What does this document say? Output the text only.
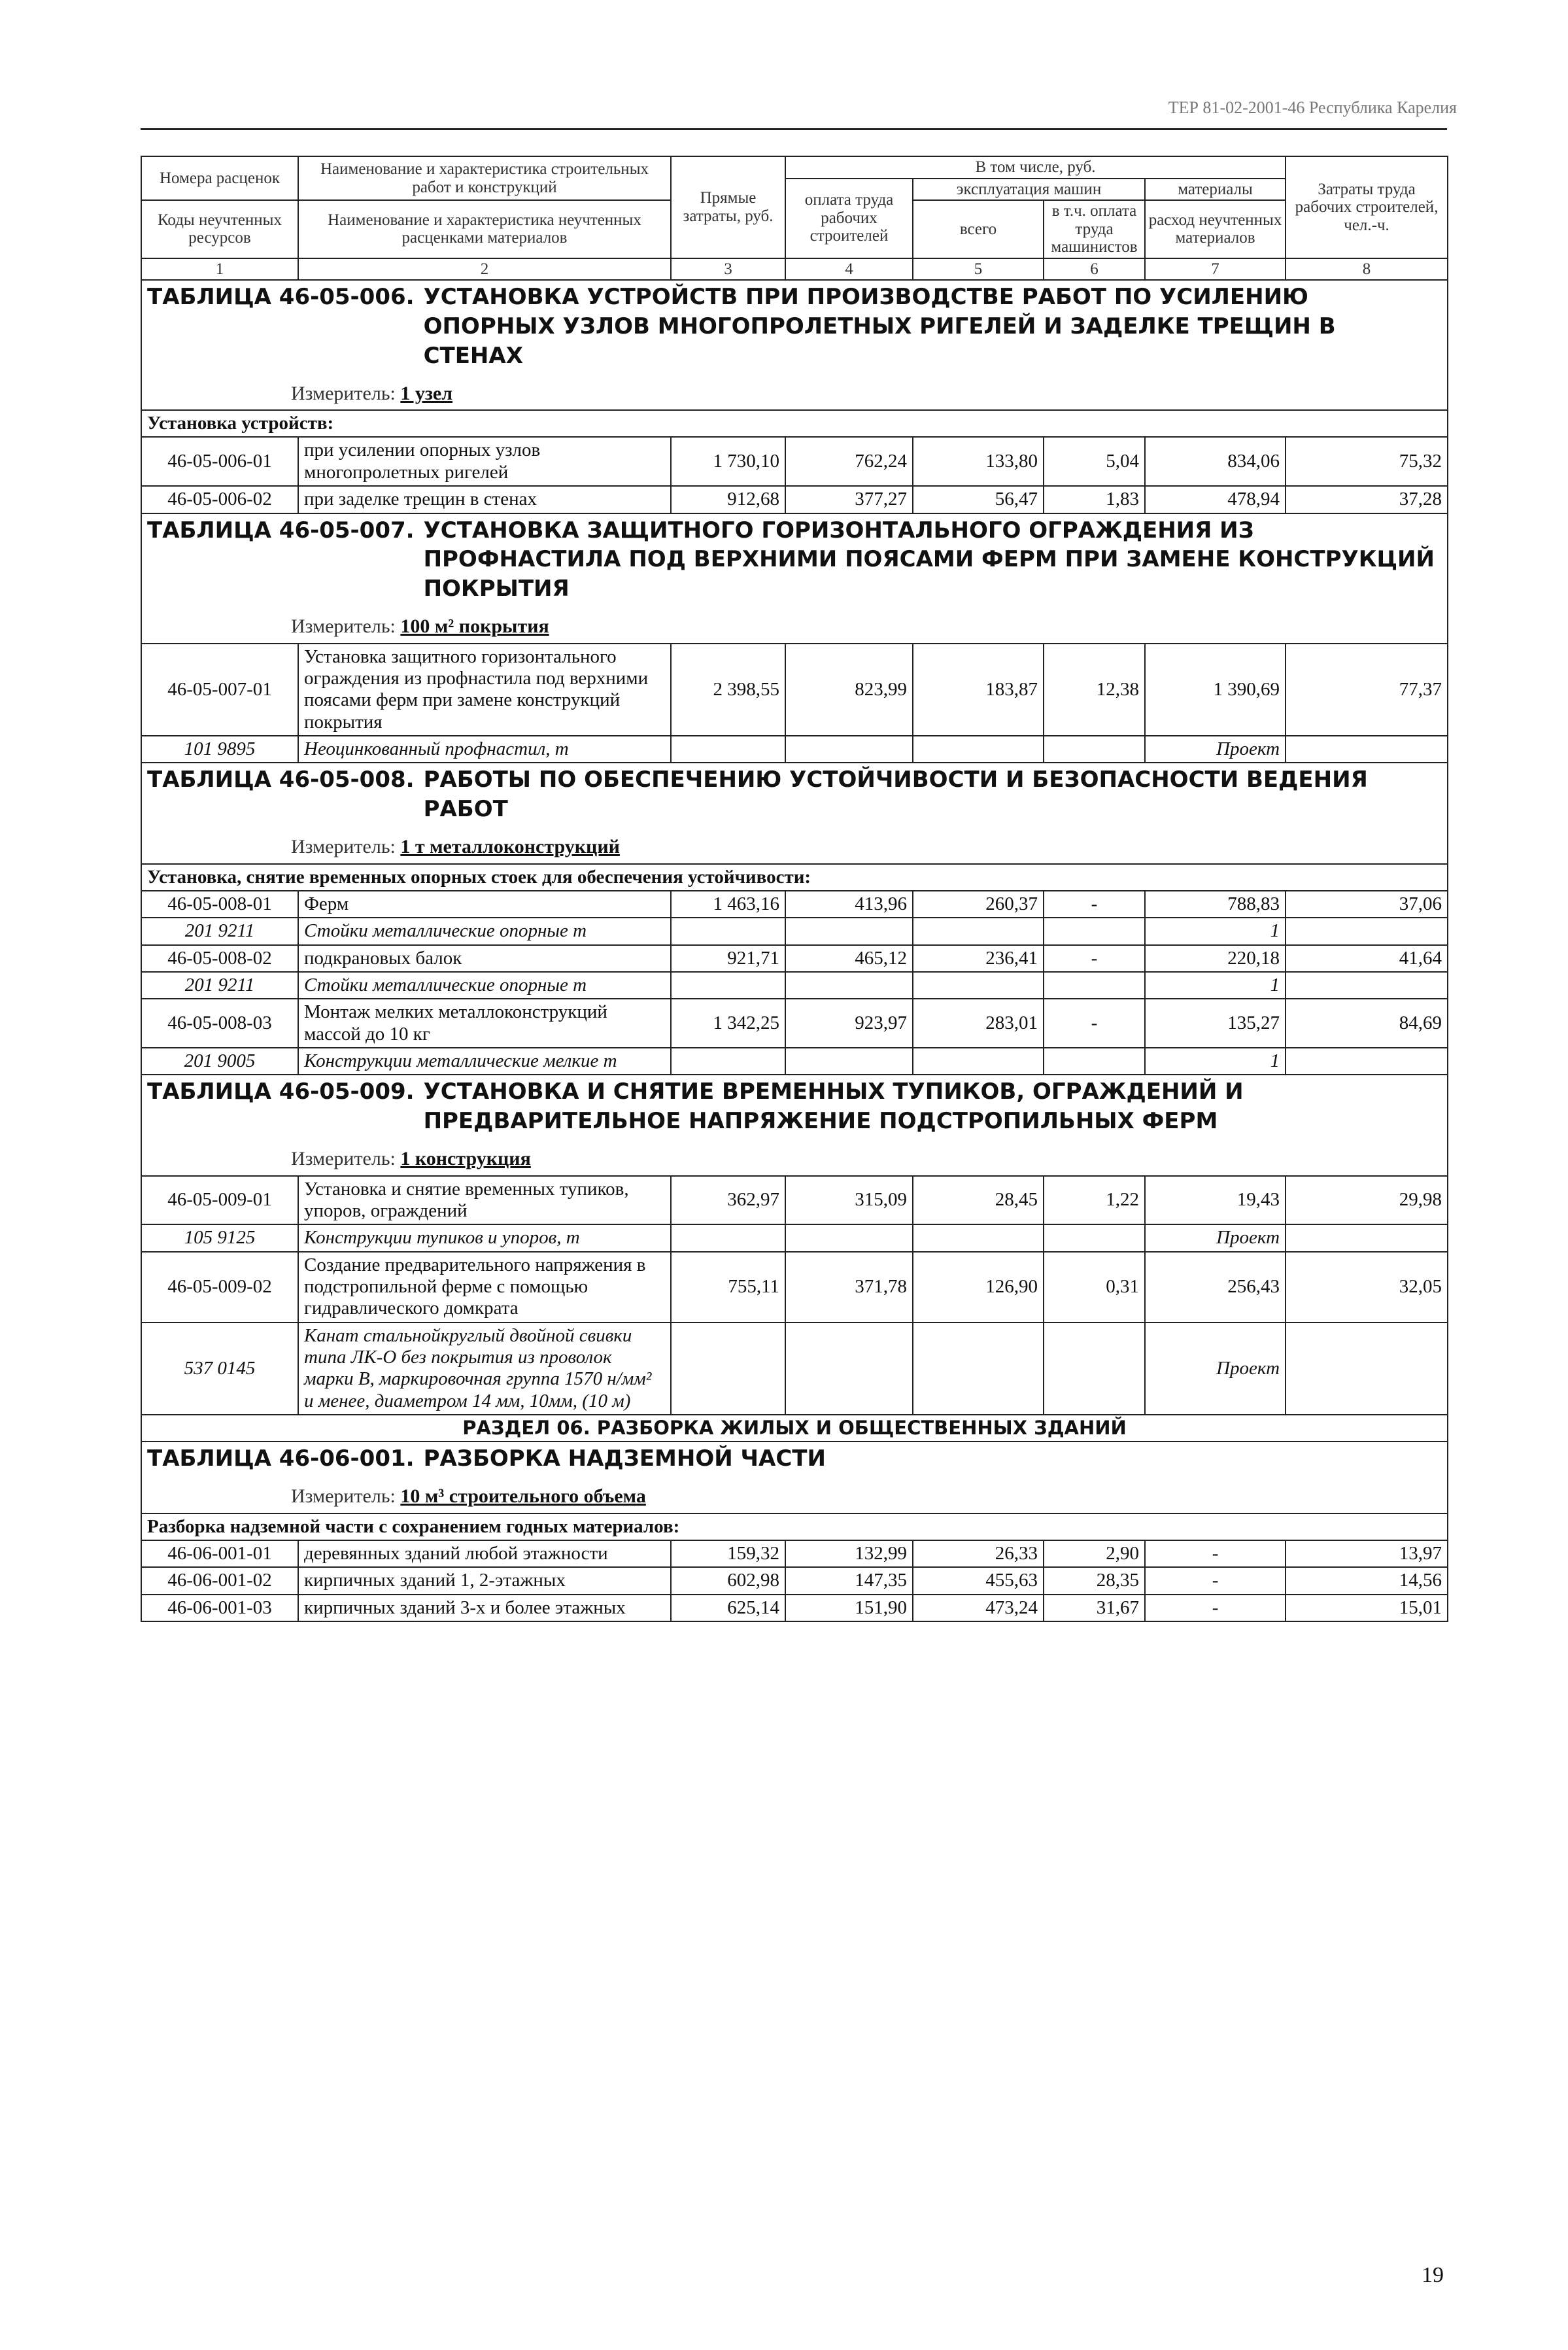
ТЕР 81-02-2001-46 Республика Карелия
Номера расценок	Наименование и характеристика строительных работ и конструкций	Прямые затраты, руб.	В том числе, руб.				Затраты труда рабочих строителей, чел.-ч.
			оплата труда рабочих строителей	эксплуатация машин		материалы	
Коды неучтенных ресурсов	Наименование и характеристика неучтенных расценками материалов			всего	в т.ч. оплата труда машинистов	расход неучтенных материалов	

1	2	3	4	5	6	7	8

ТАБЛИЦА 46-05-006. УСТАНОВКА УСТРОЙСТВ ПРИ ПРОИЗВОДСТВЕ РАБОТ ПО УСИЛЕНИЮ ОПОРНЫХ УЗЛОВ МНОГОПРОЛЕТНЫХ РИГЕЛЕЙ И ЗАДЕЛКЕ ТРЕЩИН В СТЕНАХ
Измеритель: 1 узел							

Установка устройств:							
46-05-006-01	при усилении опорных узлов многопролетных ригелей	1 730,10	762,24	133,80	5,04	834,06	75,32
46-05-006-02	при заделке трещин в стенах	912,68	377,27	56,47	1,83	478,94	37,28

ТАБЛИЦА 46-05-007. УСТАНОВКА ЗАЩИТНОГО ГОРИЗОНТАЛЬНОГО ОГРАЖДЕНИЯ ИЗ ПРОФНАСТИЛА ПОД ВЕРХНИМИ ПОЯСАМИ ФЕРМ ПРИ ЗАМЕНЕ КОНСТРУКЦИЙ ПОКРЫТИЯ
Измеритель: 100 м² покрытия							

46-05-007-01	Установка защитного горизонтального ограждения из профнастила под верхними поясами ферм при замене конструкций покрытия	2 398,55	823,99	183,87	12,38	1 390,69	77,37
101 9895	Неоцинкованный профнастил, т					Проект	

ТАБЛИЦА 46-05-008. РАБОТЫ ПО ОБЕСПЕЧЕНИЮ УСТОЙЧИВОСТИ И БЕЗОПАСНОСТИ ВЕДЕНИЯ РАБОТ
Измеритель: 1 т металлоконструкций							

Установка, снятие временных опорных стоек для обеспечения устойчивости:							
46-05-008-01	Ферм	1 463,16	413,96	260,37	-	788,83	37,06
201 9211	Стойки металлические опорные т					1	
46-05-008-02	подкрановых балок	921,71	465,12	236,41	-	220,18	41,64
201 9211	Стойки металлические опорные т					1	
46-05-008-03	Монтаж мелких металлоконструкций массой до 10 кг	1 342,25	923,97	283,01	-	135,27	84,69
201 9005	Конструкции металлические мелкие т					1	

ТАБЛИЦА 46-05-009. УСТАНОВКА И СНЯТИЕ ВРЕМЕННЫХ ТУПИКОВ, ОГРАЖДЕНИЙ И ПРЕДВАРИТЕЛЬНОЕ НАПРЯЖЕНИЕ ПОДСТРОПИЛЬНЫХ ФЕРМ
Измеритель: 1 конструкция							

46-05-009-01	Установка и снятие временных тупиков, упоров, ограждений	362,97	315,09	28,45	1,22	19,43	29,98
105 9125	Конструкции тупиков и упоров, т					Проект	
46-05-009-02	Создание предварительного напряжения в подстропильной ферме с помощью гидравлического домкрата	755,11	371,78	126,90	0,31	256,43	32,05
537 0145	Канат стальнойкруглый двойной свивки типа ЛК-О без покрытия из проволок марки В, маркировочная группа 1570 н/мм² и менее, диаметром 14 мм, 10мм, (10 м)					Проект	
РАЗДЕЛ 06. РАЗБОРКА ЖИЛЫХ И ОБЩЕСТВЕННЫХ ЗДАНИЙ							

ТАБЛИЦА 46-06-001. РАЗБОРКА НАДЗЕМНОЙ ЧАСТИ
Измеритель: 10 м³ строительного объема							

Разборка надземной части с сохранением годных материалов:							
46-06-001-01	деревянных зданий любой этажности	159,32	132,99	26,33	2,90	-	13,97
46-06-001-02	кирпичных зданий 1, 2-этажных	602,98	147,35	455,63	28,35	-	14,56
46-06-001-03	кирпичных зданий 3-х и более этажных	625,14	151,90	473,24	31,67	-	15,01
19
